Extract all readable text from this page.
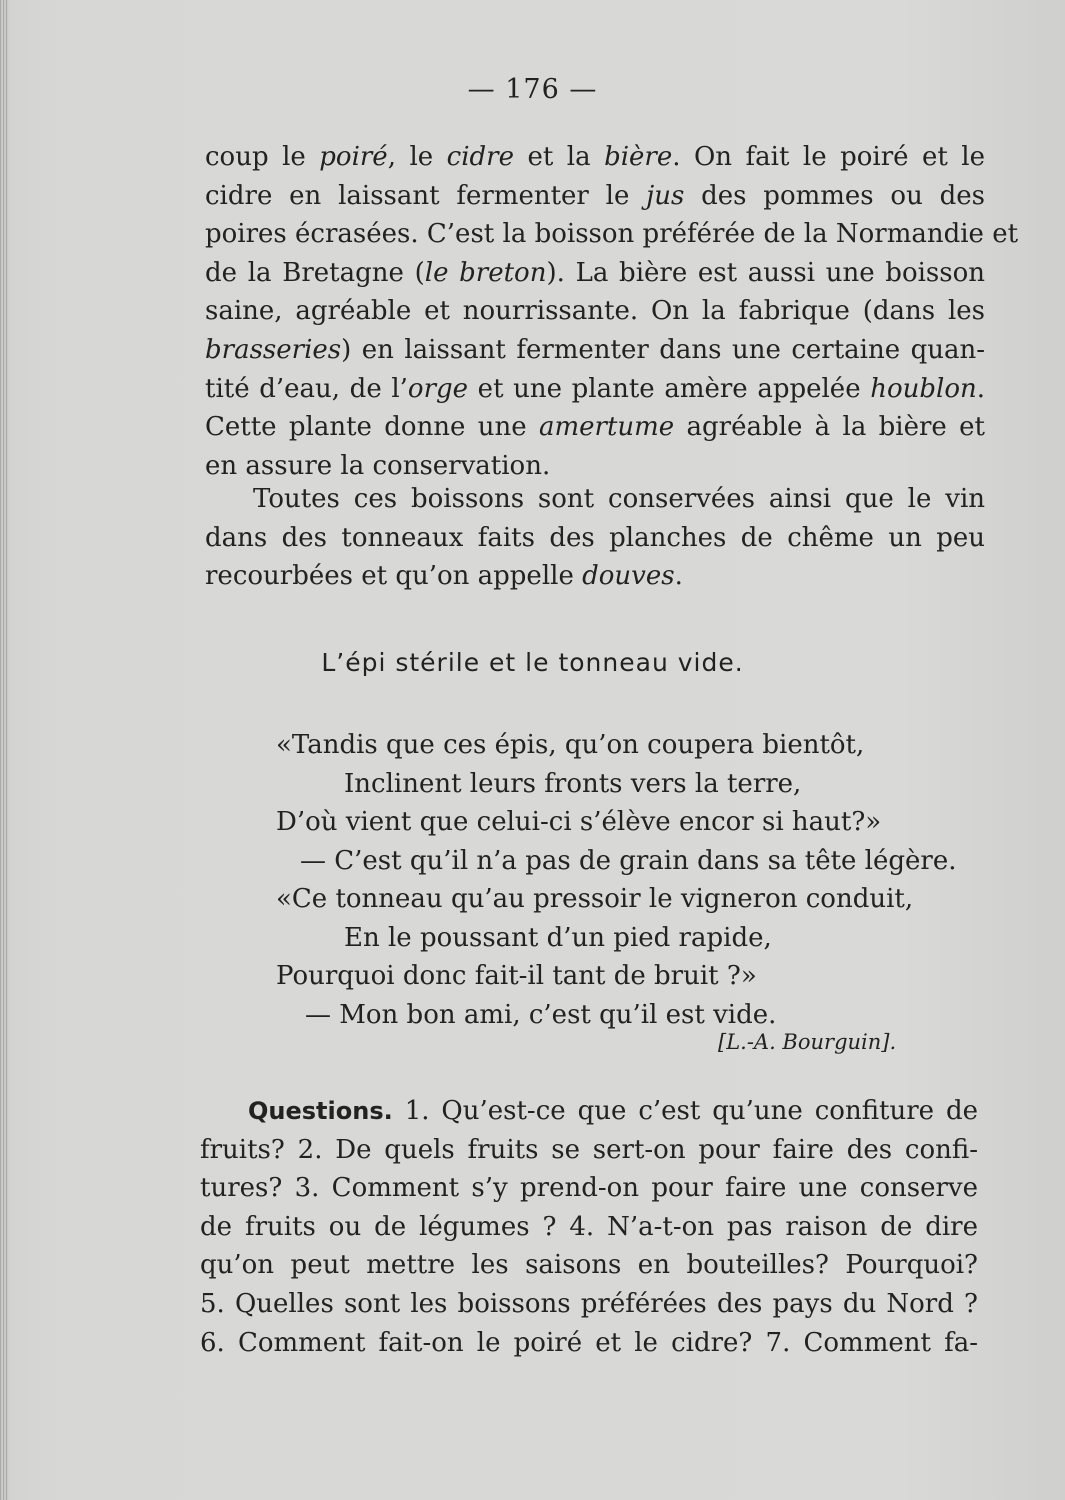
— 176 —
coup le poiré, le cidre et la bière. On fait le poiré et le
cidre en laissant fermenter le jus des pommes ou des
poires écrasées. C’est la boisson préférée de la Normandie et
de la Bretagne (le breton). La bière est aussi une boisson
saine, agréable et nourrissante. On la fabrique (dans les
brasseries) en laissant fermenter dans une certaine quan-
tité d’eau, de l’orge et une plante amère appelée houblon.
Cette plante donne une amertume agréable à la bière et
en assure la conservation.
Toutes ces boissons sont conservées ainsi que le vin
dans des tonneaux faits des planches de chême un peu
recourbées et qu’on appelle douves.
L’épi stérile et le tonneau vide.
«Tandis que ces épis, qu’on coupera bientôt,
Inclinent leurs fronts vers la terre,
D’où vient que celui-ci s’élève encor si haut?»
— C’est qu’il n’a pas de grain dans sa tête légère.
«Ce tonneau qu’au pressoir le vigneron conduit,
En le poussant d’un pied rapide,
Pourquoi donc fait-il tant de bruit ?»
— Mon bon ami, c’est qu’il est vide.
[L.-A. Bourguin].
Questions. 1. Qu’est-ce que c’est qu’une confiture de
fruits? 2. De quels fruits se sert-on pour faire des confi-
tures? 3. Comment s’y prend-on pour faire une conserve
de fruits ou de légumes ? 4. N’a-t-on pas raison de dire
qu’on peut mettre les saisons en bouteilles? Pourquoi?
5. Quelles sont les boissons préférées des pays du Nord ?
6. Comment fait-on le poiré et le cidre? 7. Comment fa-
